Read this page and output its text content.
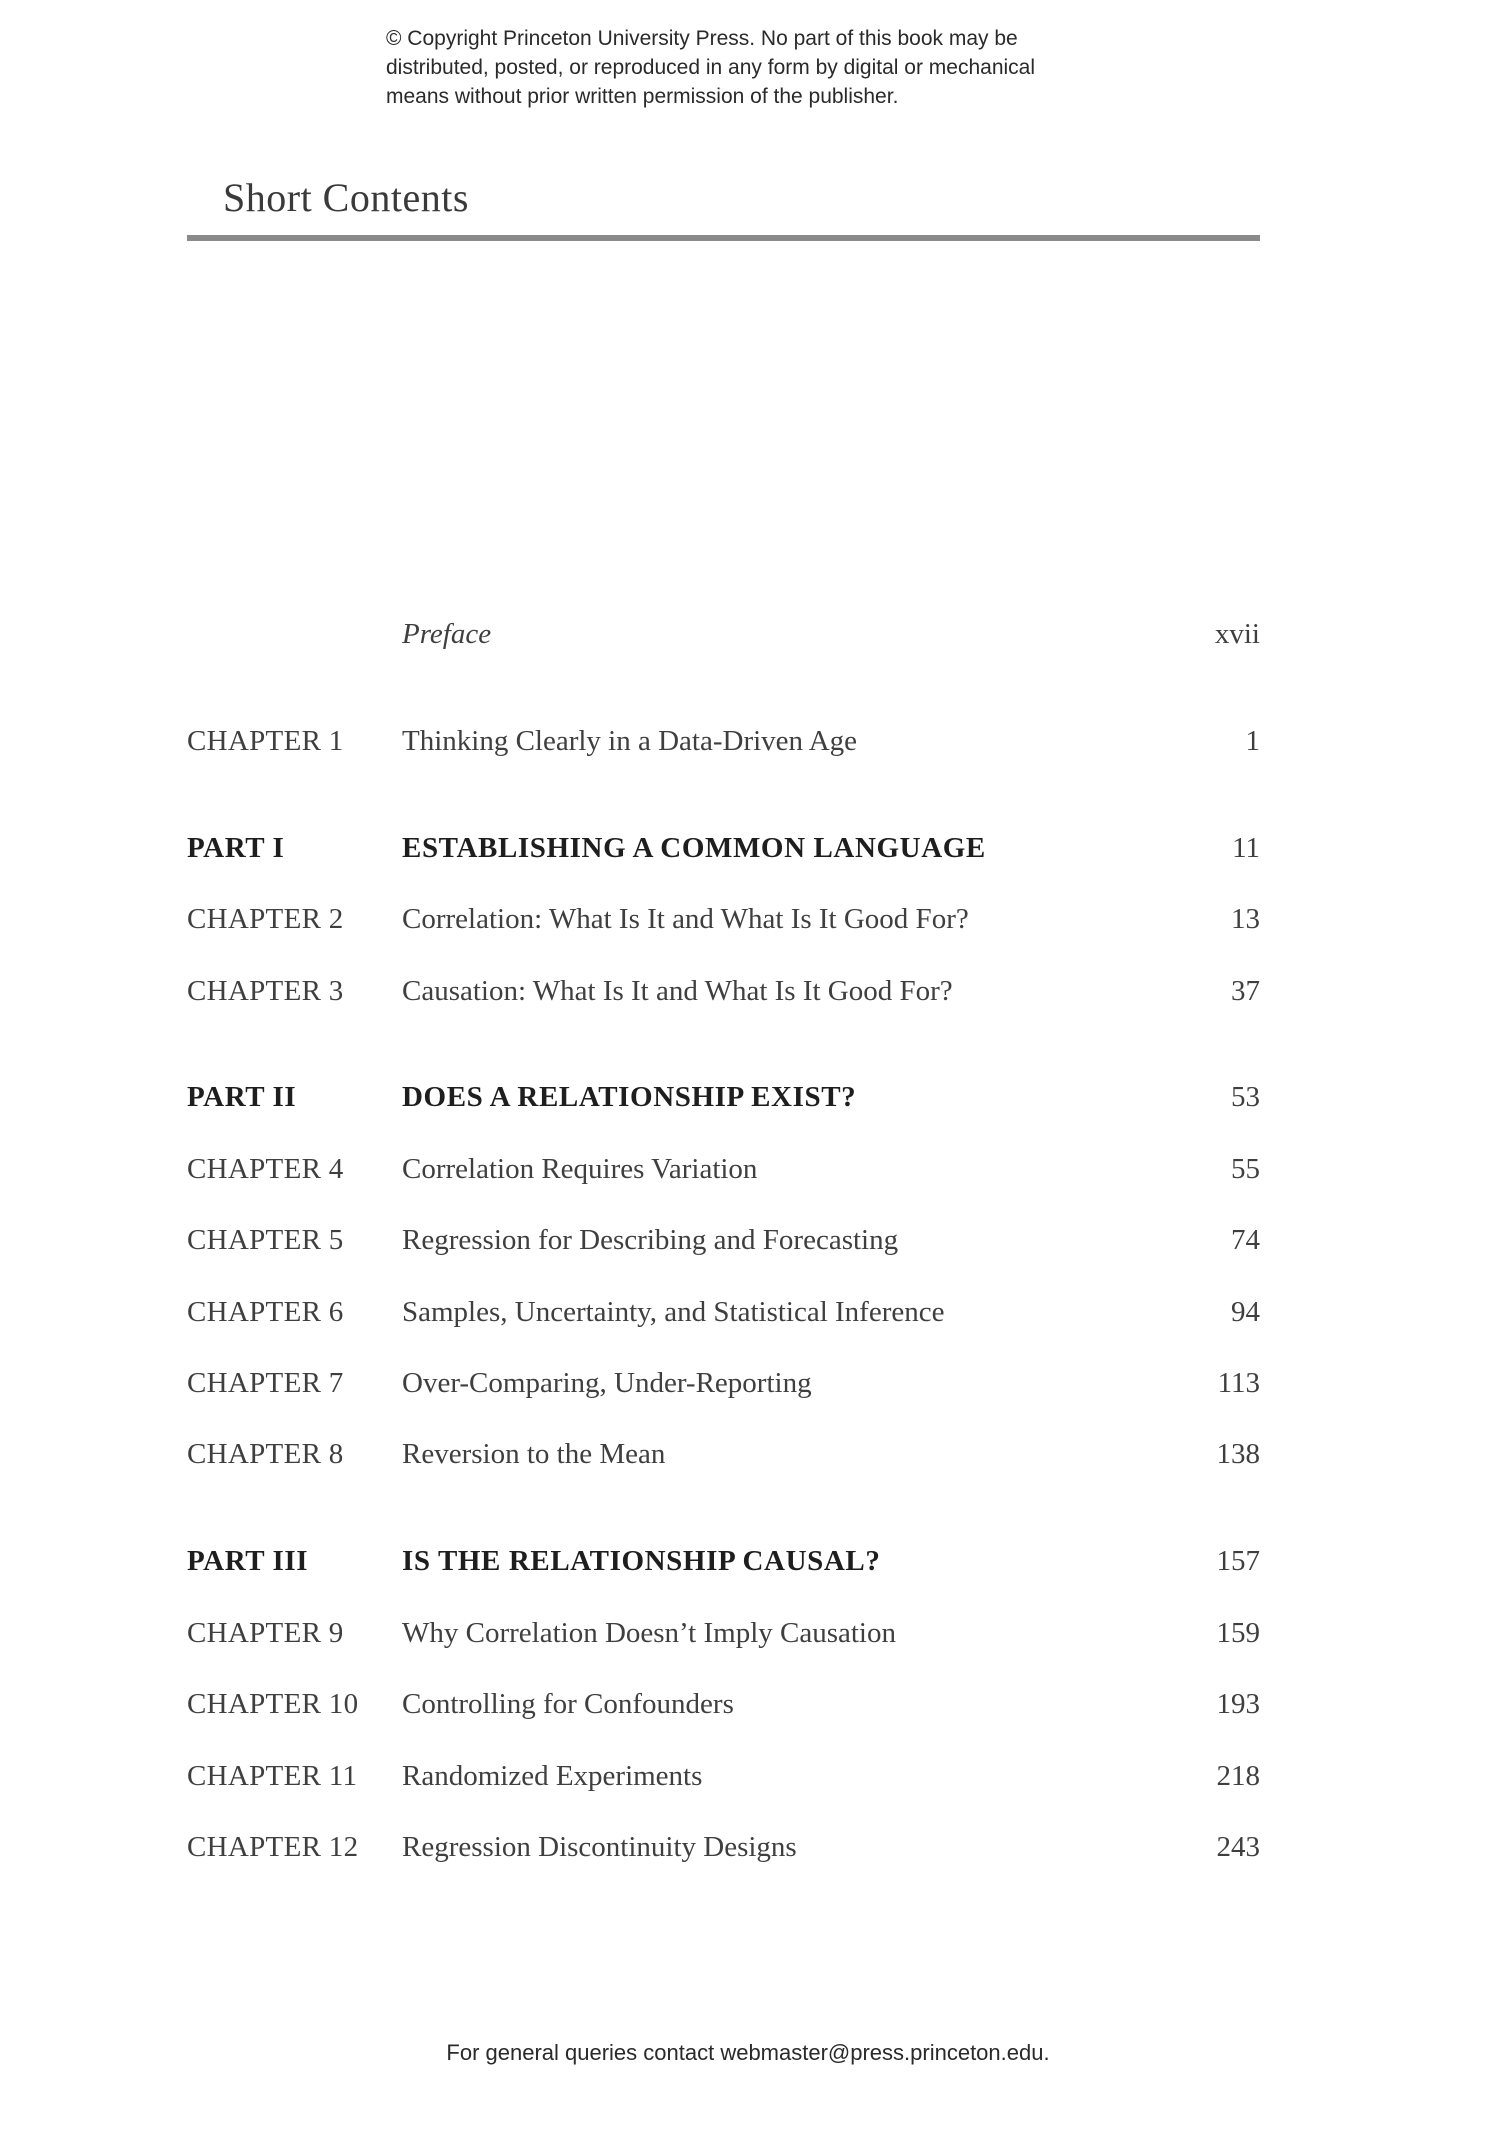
© Copyright Princeton University Press. No part of this book may be
distributed, posted, or reproduced in any form by digital or mechanical
means without prior written permission of the publisher.
Short Contents
Preface	xvii
CHAPTER 1 Thinking Clearly in a Data-Driven Age	1
PART I	ESTABLISHING A COMMON LANGUAGE	11
CHAPTER 2 Correlation: What Is It and What Is It Good For?	13
CHAPTER 3 Causation: What Is It and What Is It Good For?	37
PART II	DOES A RELATIONSHIP EXIST?	53
CHAPTER 4 Correlation Requires Variation	55
CHAPTER 5 Regression for Describing and Forecasting	74
CHAPTER 6 Samples, Uncertainty, and Statistical Inference	94
CHAPTER 7 Over-Comparing, Under-Reporting	113
CHAPTER 8 Reversion to the Mean	138
PART III	IS THE RELATIONSHIP CAUSAL?	157
CHAPTER 9 Why Correlation Doesn’t Imply Causation	159
CHAPTER 10 Controlling for Confounders	193
CHAPTER 11 Randomized Experiments	218
CHAPTER 12 Regression Discontinuity Designs	243
For general queries contact webmaster@press.princeton.edu.
